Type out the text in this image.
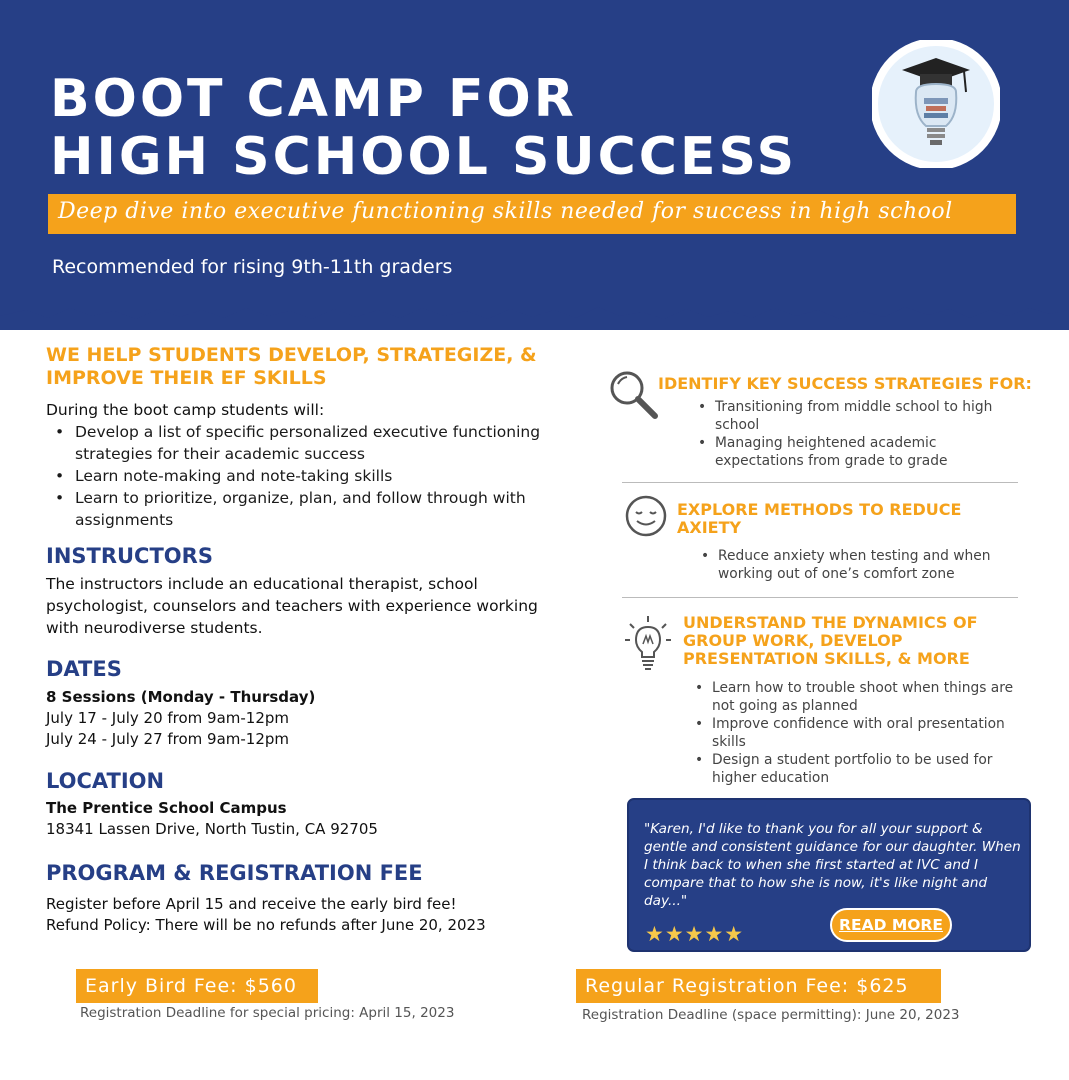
BOOT CAMP FOR
HIGH SCHOOL SUCCESS
Deep dive into executive functioning skills needed for success in high school
Recommended for rising 9th-11th graders
WE HELP STUDENTS DEVELOP, STRATEGIZE, & IMPROVE THEIR EF SKILLS
During the boot camp students will:
• Develop a list of specific personalized executive functioning strategies for their academic success
• Learn note-making and note-taking skills
• Learn to prioritize, organize, plan, and follow through with assignments
INSTRUCTORS
The instructors include an educational therapist, school psychologist, counselors and teachers with experience working with neurodiverse students.
DATES
8 Sessions (Monday - Thursday)
July 17 - July 20 from 9am-12pm
July 24 - July 27 from 9am-12pm
LOCATION
The Prentice School Campus
18341 Lassen Drive, North Tustin, CA 92705
PROGRAM & REGISTRATION FEE
Register before April 15 and receive the early bird fee!
Refund Policy: There will be no refunds after June 20, 2023
IDENTIFY KEY SUCCESS STRATEGIES FOR:
• Transitioning from middle school to high school
• Managing heightened academic expectations from grade to grade
EXPLORE METHODS TO REDUCE AXIETY
• Reduce anxiety when testing and when working out of one’s comfort zone
UNDERSTAND THE DYNAMICS OF GROUP WORK, DEVELOP PRESENTATION SKILLS, & MORE
• Learn how to trouble shoot when things are not going as planned
• Improve confidence with oral presentation skills
• Design a student portfolio to be used for higher education
"Karen, I'd like to thank you for all your support & gentle and consistent guidance for our daughter. When I think back to when she first started at IVC and I compare that to how she is now, it's like night and day..."
★★★★★	READ MORE
Early Bird Fee: $560
Registration Deadline for special pricing: April 15, 2023
Regular Registration Fee: $625
Registration Deadline (space permitting): June 20, 2023
